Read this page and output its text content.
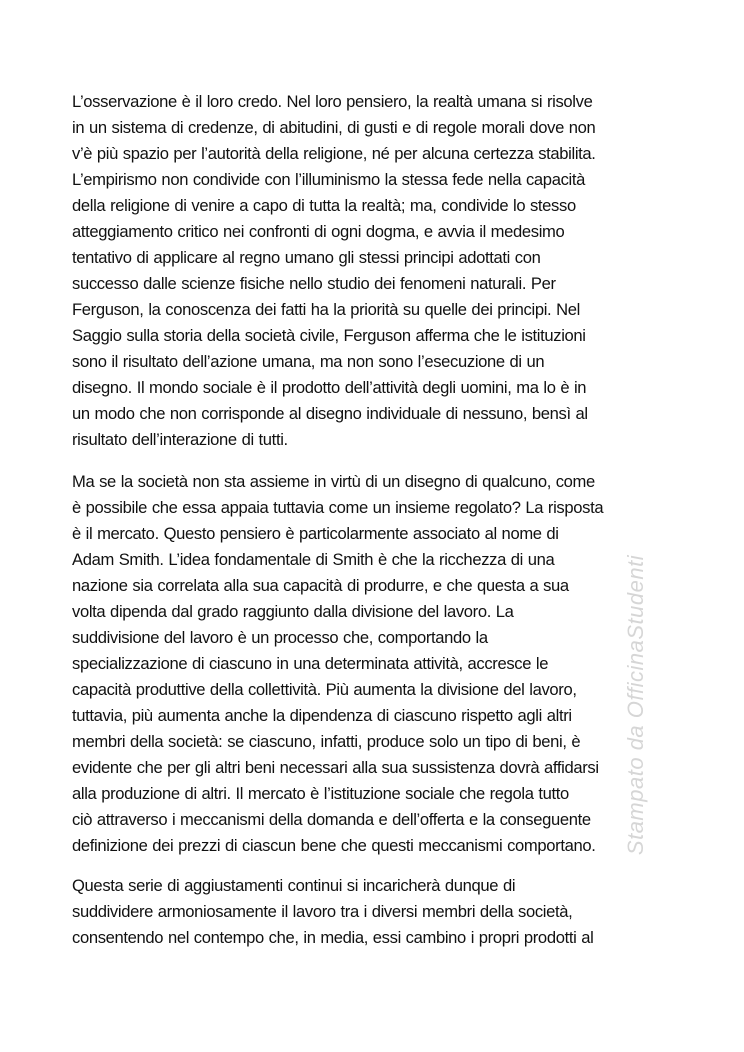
L’osservazione è il loro credo. Nel loro pensiero, la realtà umana si risolve
in un sistema di credenze, di abitudini, di gusti e di regole morali dove non
v’è più spazio per l’autorità della religione, né per alcuna certezza stabilita.
L’empirismo non condivide con l’illuminismo la stessa fede nella capacità
della religione di venire a capo di tutta la realtà; ma, condivide lo stesso
atteggiamento critico nei confronti di ogni dogma, e avvia il medesimo
tentativo di applicare al regno umano gli stessi principi adottati con
successo dalle scienze fisiche nello studio dei fenomeni naturali. Per
Ferguson, la conoscenza dei fatti ha la priorità su quelle dei principi. Nel
Saggio sulla storia della società civile, Ferguson afferma che le istituzioni
sono il risultato dell’azione umana, ma non sono l’esecuzione di un
disegno. Il mondo sociale è il prodotto dell’attività degli uomini, ma lo è in
un modo che non corrisponde al disegno individuale di nessuno, bensì al
risultato dell’interazione di tutti.
Ma se la società non sta assieme in virtù di un disegno di qualcuno, come
è possibile che essa appaia tuttavia come un insieme regolato? La risposta
è il mercato. Questo pensiero è particolarmente associato al nome di
Adam Smith. L’idea fondamentale di Smith è che la ricchezza di una
nazione sia correlata alla sua capacità di produrre, e che questa a sua
volta dipenda dal grado raggiunto dalla divisione del lavoro. La
suddivisione del lavoro è un processo che, comportando la
specializzazione di ciascuno in una determinata attività, accresce le
capacità produttive della collettività. Più aumenta la divisione del lavoro,
tuttavia, più aumenta anche la dipendenza di ciascuno rispetto agli altri
membri della società: se ciascuno, infatti, produce solo un tipo di beni, è
evidente che per gli altri beni necessari alla sua sussistenza dovrà affidarsi
alla produzione di altri. Il mercato è l’istituzione sociale che regola tutto
ciò attraverso i meccanismi della domanda e dell’offerta e la conseguente
definizione dei prezzi di ciascun bene che questi meccanismi comportano.
Questa serie di aggiustamenti continui si incaricherà dunque di
suddividere armoniosamente il lavoro tra i diversi membri della società,
consentendo nel contempo che, in media, essi cambino i propri prodotti al
Stampato da OfficinaStudenti
